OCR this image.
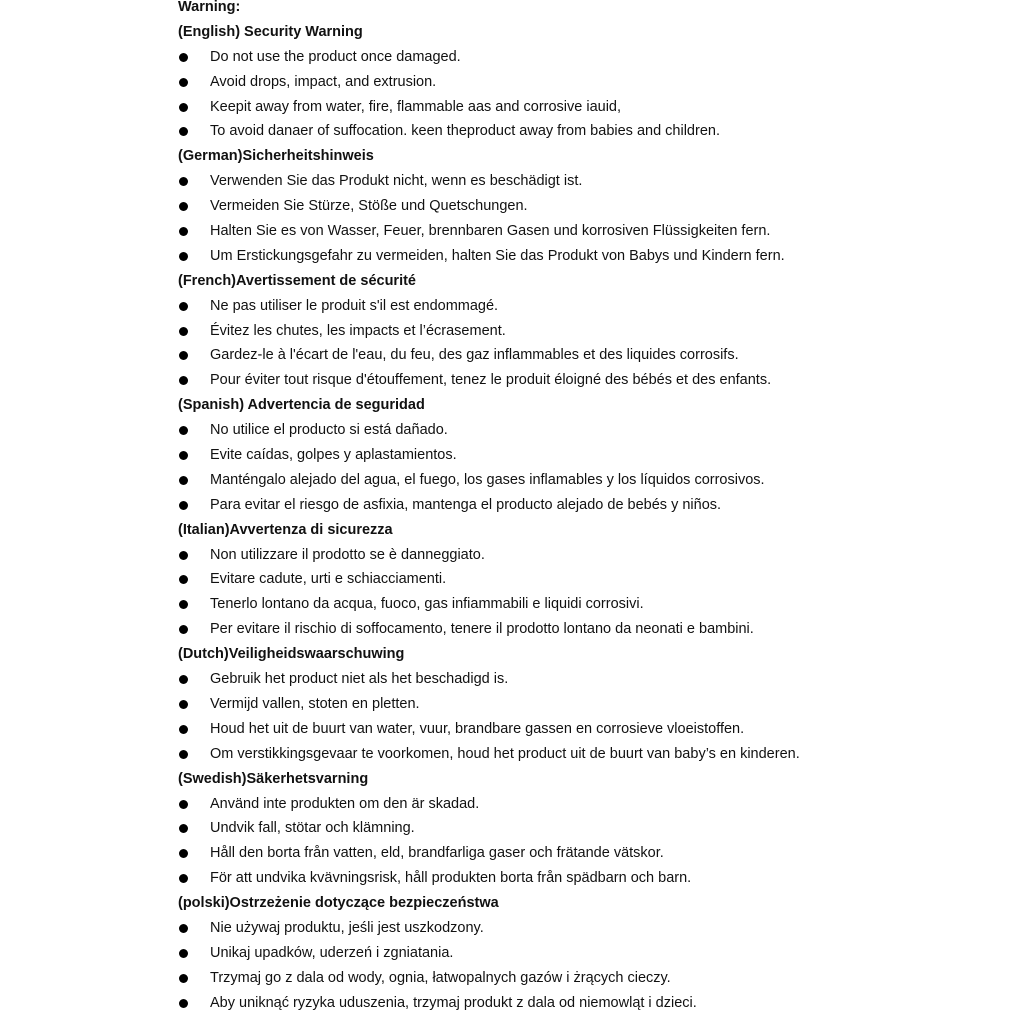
Warning:
(English) Security Warning
Do not use the product once damaged.
Avoid drops, impact, and extrusion.
Keepit away from water, fire, flammable aas and corrosive iauid,
To avoid danaer of suffocation. keen theproduct away from babies and children.
(German)Sicherheitshinweis
Verwenden Sie das Produkt nicht, wenn es beschädigt ist.
Vermeiden Sie Stürze, Stöße und Quetschungen.
Halten Sie es von Wasser, Feuer, brennbaren Gasen und korrosiven Flüssigkeiten fern.
Um Erstickungsgefahr zu vermeiden, halten Sie das Produkt von Babys und Kindern fern.
(French)Avertissement de sécurité
Ne pas utiliser le produit s'il est endommagé.
Évitez les chutes, les impacts et l’écrasement.
Gardez-le à l'écart de l'eau, du feu, des gaz inflammables et des liquides corrosifs.
Pour éviter tout risque d'étouffement, tenez le produit éloigné des bébés et des enfants.
(Spanish) Advertencia de seguridad
No utilice el producto si está dañado.
Evite caídas, golpes y aplastamientos.
Manténgalo alejado del agua, el fuego, los gases inflamables y los líquidos corrosivos.
Para evitar el riesgo de asfixia, mantenga el producto alejado de bebés y niños.
(Italian)Avvertenza di sicurezza
Non utilizzare il prodotto se è danneggiato.
Evitare cadute, urti e schiacciamenti.
Tenerlo lontano da acqua, fuoco, gas infiammabili e liquidi corrosivi.
Per evitare il rischio di soffocamento, tenere il prodotto lontano da neonati e bambini.
(Dutch)Veiligheidswaarschuwing
Gebruik het product niet als het beschadigd is.
Vermijd vallen, stoten en pletten.
Houd het uit de buurt van water, vuur, brandbare gassen en corrosieve vloeistoffen.
Om verstikkingsgevaar te voorkomen, houd het product uit de buurt van baby’s en kinderen.
(Swedish)Säkerhetsvarning
Använd inte produkten om den är skadad.
Undvik fall, stötar och klämning.
Håll den borta från vatten, eld, brandfarliga gaser och frätande vätskor.
För att undvika kvävningsrisk, håll produkten borta från spädbarn och barn.
(polski)Ostrzeżenie dotyczące bezpieczeństwa
Nie używaj produktu, jeśli jest uszkodzony.
Unikaj upadków, uderzeń i zgniatania.
Trzymaj go z dala od wody, ognia, łatwopalnych gazów i żrących cieczy.
Aby uniknąć ryzyka uduszenia, trzymaj produkt z dala od niemowląt i dzieci.
